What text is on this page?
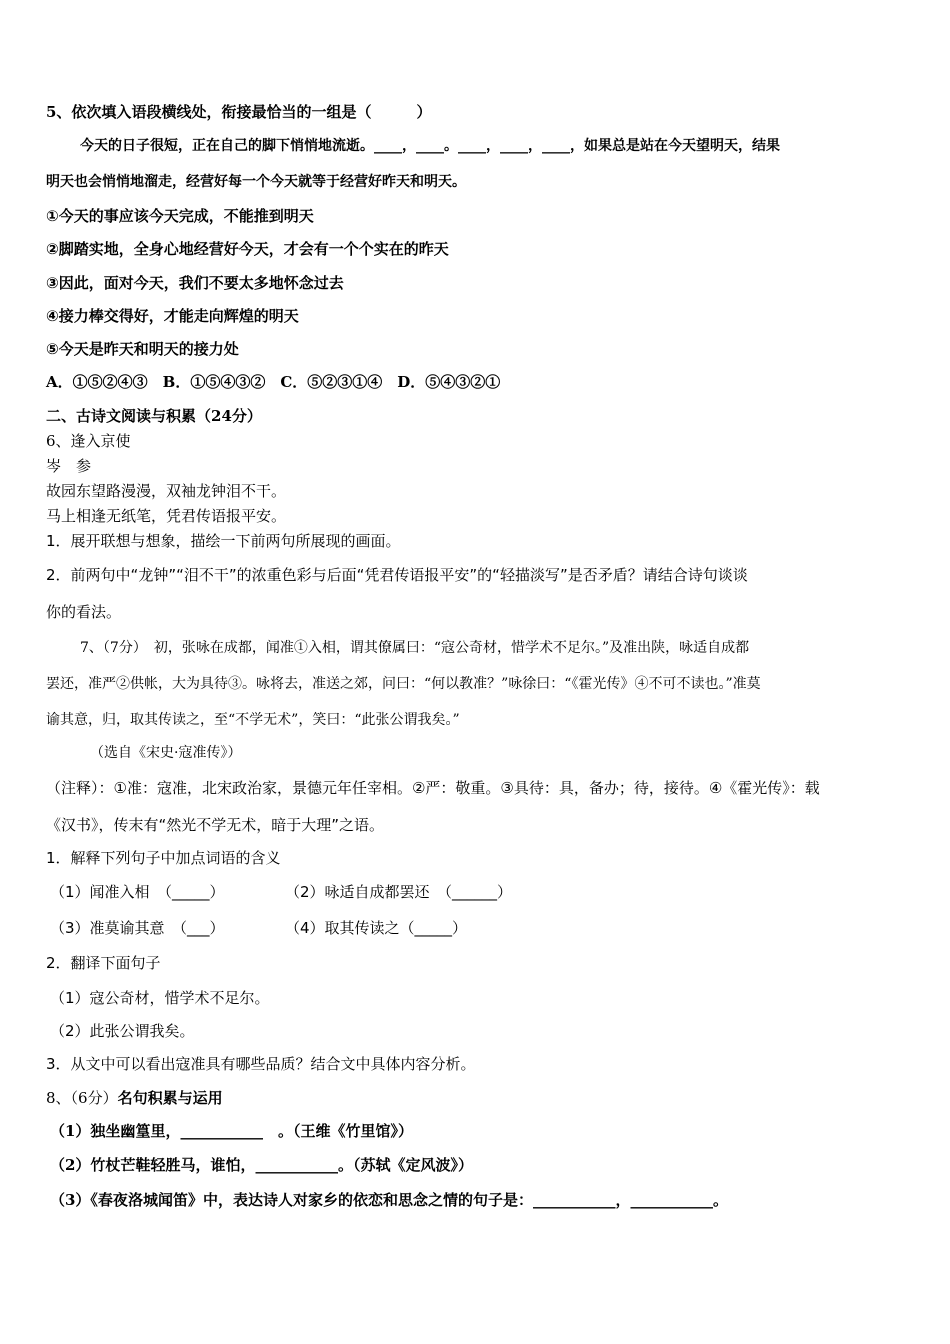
5、依次填入语段横线处，衔接最恰当的一组是（　　　）
今天的日子很短，正在自己的脚下悄悄地流逝。____，____。____，____，____，如果总是站在今天望明天，结果
明天也会悄悄地溜走，经营好每一个今天就等于经营好昨天和明天。
①今天的事应该今天完成，不能推到明天
②脚踏实地，全身心地经营好今天，才会有一个个实在的昨天
③因此，面对今天，我们不要太多地怀念过去
④接力棒交得好，才能走向辉煌的明天
⑤今天是昨天和明天的接力处
A．①⑤②④③　B．①⑤④③②　C．⑤②③①④　D．⑤④③②①
二、古诗文阅读与积累（24分）
6、逢入京使
岑　参
故园东望路漫漫，双袖龙钟泪不干。
马上相逢无纸笔，凭君传语报平安。
1．展开联想与想象，描绘一下前两句所展现的画面。
2．前两句中“龙钟”“泪不干”的浓重色彩与后面“凭君传语报平安”的“轻描淡写”是否矛盾？请结合诗句谈谈
你的看法。
7、（7分）　初，张咏在成都，闻准①入相，谓其僚属曰：“寇公奇材，惜学术不足尔。”及准出陕，咏适自成都
罢还，准严②供帐，大为具待③。咏将去，准送之郊，问曰：“何以教准？”咏徐曰：“《霍光传》④不可不读也。”准莫
谕其意，归，取其传读之，至“不学无术”，笑曰：“此张公谓我矣。”
（选自《宋史·寇准传》）
（注释）：①准：寇准，北宋政治家，景德元年任宰相。②严：敬重。③具待：具，备办；待，接待。④《霍光传》：载
《汉书》，传末有“然光不学无术，暗于大理”之语。
1．解释下列句子中加点词语的含义
（1）闻准入相　（_____）	（2）咏适自成都罢还　（______）
（3）准莫谕其意　（___）	（4）取其传读之（_____）
2．翻译下面句子
（1）寇公奇材，惜学术不足尔。
（2）此张公谓我矣。
3．从文中可以看出寇准具有哪些品质？结合文中具体内容分析。
8、（6分）名句积累与运用
（1）独坐幽篁里，___________　。（王维《竹里馆》）
（2）竹杖芒鞋轻胜马，谁怕，___________。（苏轼《定风波》）
（3）《春夜洛城闻笛》中，表达诗人对家乡的依恋和思念之情的句子是：___________，___________。
